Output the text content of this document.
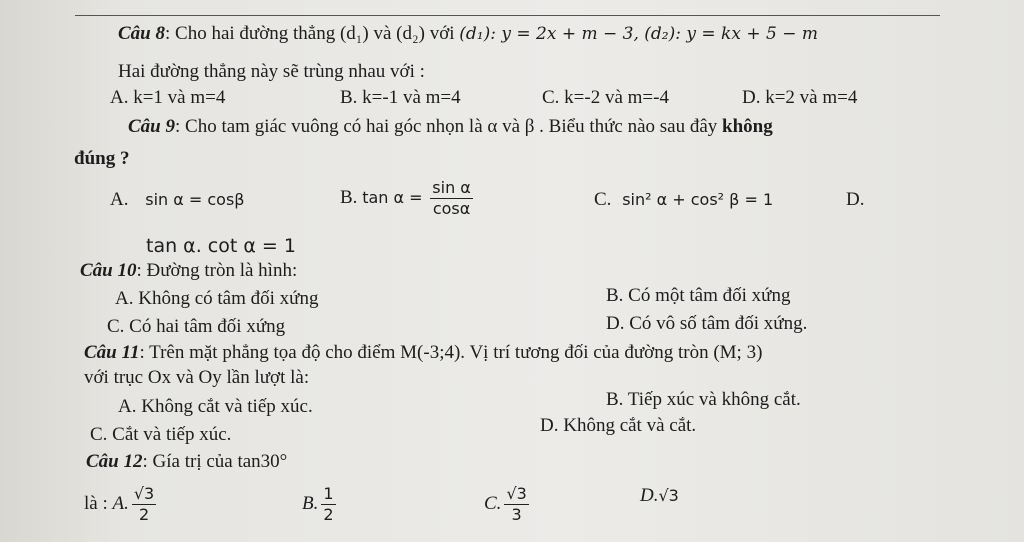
Câu 8: Cho hai đường thẳng (d₁) và (d₂) với (d₁): y = 2x + m − 3, (d₂): y = kx + 5 − m
Hai đường thẳng này sẽ trùng nhau với :
A. k=1 và m=4	B. k=-1 và m=4	C. k=-2 và m=-4	D. k=2 và m=4
Câu 9: Cho tam giác vuông có hai góc nhọn là α và β . Biểu thức nào sau đây không
đúng ?
A. sin α = cosβ	B. $\tan \alpha = \frac{\text{sin α}}{\cos\alpha}$	C. sin² α + cos² β = 1	D.
tan α. cot α = 1
Câu 10: Đường tròn là hình:
A. Không có tâm đối xứng	B. Có một tâm đối xứng
C. Có hai tâm đối xứng	D. Có vô số tâm đối xứng.
Câu 11: Trên mặt phẳng tọa độ cho điểm M(-3;4). Vị trí tương đối của đường tròn (M; 3)
với trục Ox và Oy lần lượt là:
A. Không cắt và tiếp xúc.	B. Tiếp xúc và không cắt.
C. Cắt và tiếp xúc.	D. Không cắt và cắt.
Câu 12: Gía trị của tan30°
là : A. $\frac{√3}{2}$	B. $\frac{1}{2}$	C. $\frac{√3}{3}$	D.√3
